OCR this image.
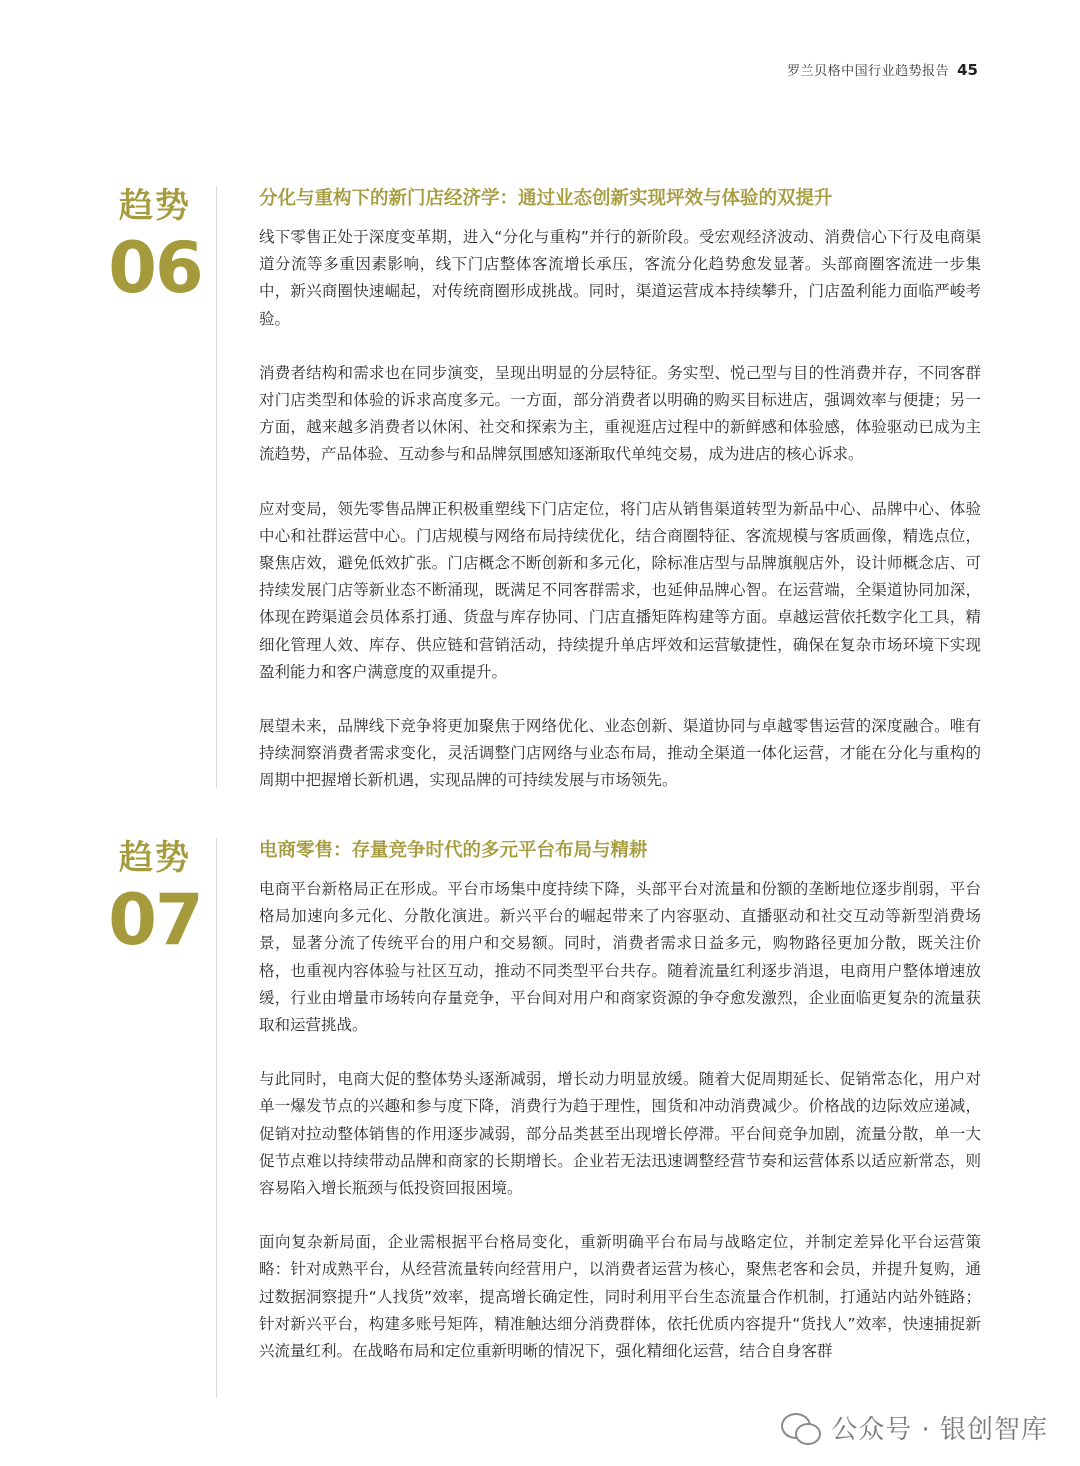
罗兰贝格中国行业趋势报告 45
趋势
06
分化与重构下的新门店经济学：通过业态创新实现坪效与体验的双提升

线下零售正处于深度变革期，进入“分化与重构”并行的新阶段。受宏观经济波动、消费信心下行及电商渠道分流等多重因素影响，线下门店整体客流增长承压，客流分化趋势愈发显著。头部商圈客流进一步集中，新兴商圈快速崛起，对传统商圈形成挑战。同时，渠道运营成本持续攀升，门店盈利能力面临严峻考验。

消费者结构和需求也在同步演变，呈现出明显的分层特征。务实型、悦己型与目的性消费并存，不同客群对门店类型和体验的诉求高度多元。一方面，部分消费者以明确的购买目标进店，强调效率与便捷；另一方面，越来越多消费者以休闲、社交和探索为主，重视逛店过程中的新鲜感和体验感，体验驱动已成为主流趋势，产品体验、互动参与和品牌氛围感知逐渐取代单纯交易，成为进店的核心诉求。

应对变局，领先零售品牌正积极重塑线下门店定位，将门店从销售渠道转型为新品中心、品牌中心、体验中心和社群运营中心。门店规模与网络布局持续优化，结合商圈特征、客流规模与客质画像，精选点位，聚焦店效，避免低效扩张。门店概念不断创新和多元化，除标准店型与品牌旗舰店外，设计师概念店、可持续发展门店等新业态不断涌现，既满足不同客群需求，也延伸品牌心智。在运营端，全渠道协同加深，体现在跨渠道会员体系打通、货盘与库存协同、门店直播矩阵构建等方面。卓越运营依托数字化工具，精细化管理人效、库存、供应链和营销活动，持续提升单店坪效和运营敏捷性，确保在复杂市场环境下实现盈利能力和客户满意度的双重提升。

展望未来，品牌线下竞争将更加聚焦于网络优化、业态创新、渠道协同与卓越零售运营的深度融合。唯有持续洞察消费者需求变化，灵活调整门店网络与业态布局，推动全渠道一体化运营，才能在分化与重构的周期中把握增长新机遇，实现品牌的可持续发展与市场领先。

趋势
07
电商零售：存量竞争时代的多元平台布局与精耕

电商平台新格局正在形成。平台市场集中度持续下降，头部平台对流量和份额的垄断地位逐步削弱，平台格局加速向多元化、分散化演进。新兴平台的崛起带来了内容驱动、直播驱动和社交互动等新型消费场景，显著分流了传统平台的用户和交易额。同时，消费者需求日益多元，购物路径更加分散，既关注价格，也重视内容体验与社区互动，推动不同类型平台共存。随着流量红利逐步消退，电商用户整体增速放缓，行业由增量市场转向存量竞争，平台间对用户和商家资源的争夺愈发激烈，企业面临更复杂的流量获取和运营挑战。

与此同时，电商大促的整体势头逐渐减弱，增长动力明显放缓。随着大促周期延长、促销常态化，用户对单一爆发节点的兴趣和参与度下降，消费行为趋于理性，囤货和冲动消费减少。价格战的边际效应递减，促销对拉动整体销售的作用逐步减弱，部分品类甚至出现增长停滞。平台间竞争加剧，流量分散，单一大促节点难以持续带动品牌和商家的长期增长。企业若无法迅速调整经营节奏和运营体系以适应新常态，则容易陷入增长瓶颈与低投资回报困境。

面向复杂新局面，企业需根据平台格局变化，重新明确平台布局与战略定位，并制定差异化平台运营策略：针对成熟平台，从经营流量转向经营用户，以消费者运营为核心，聚焦老客和会员，并提升复购，通过数据洞察提升“人找货”效率，提高增长确定性，同时利用平台生态流量合作机制，打通站内站外链路；针对新兴平台，构建多账号矩阵，精准触达细分消费群体，依托优质内容提升“货找人”效率，快速捕捉新兴流量红利。在战略布局和定位重新明晰的情况下，强化精细化运营，结合自身客群

公众号 · 银创智库
